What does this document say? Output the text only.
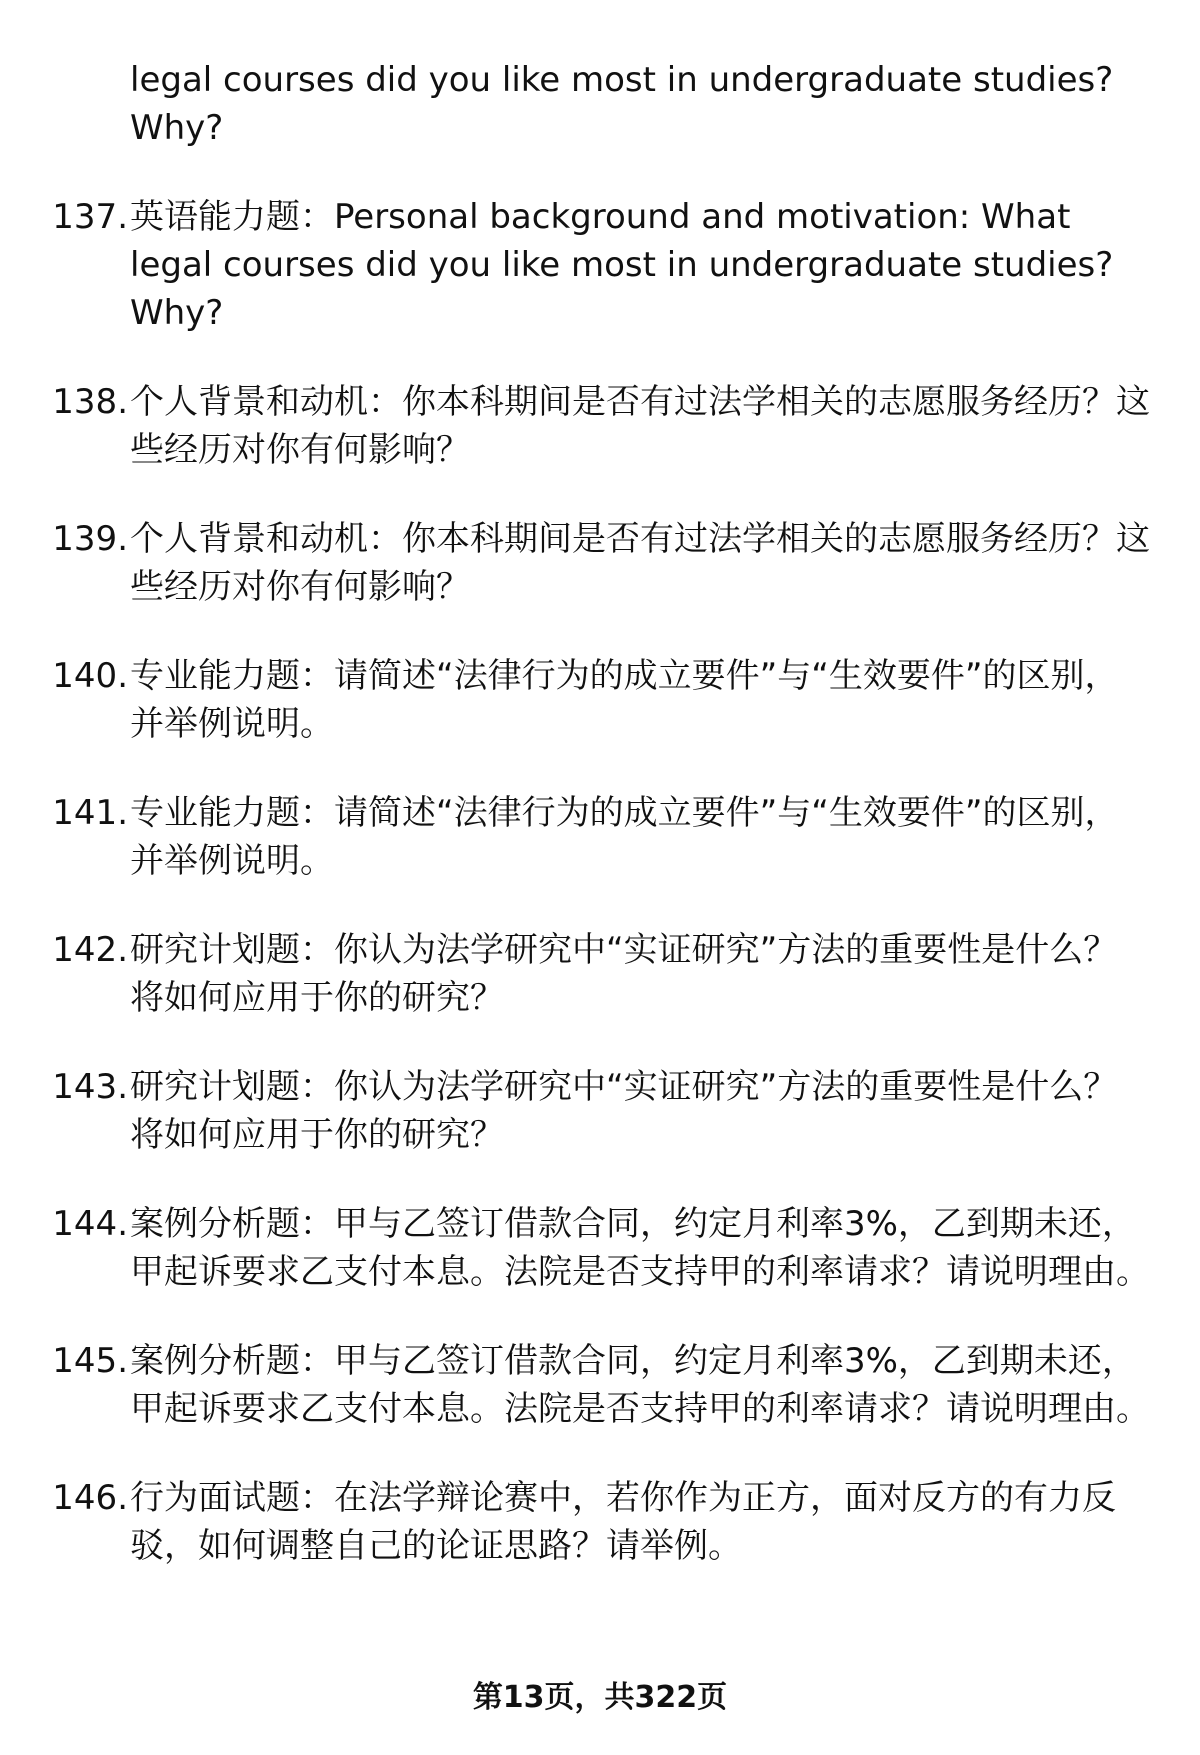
legal courses did you like most in undergraduate studies? Why?
137. 英语能力题：Personal background and motivation: What legal courses did you like most in undergraduate studies? Why?
138. 个人背景和动机：你本科期间是否有过法学相关的志愿服务经历？这些经历对你有何影响？
139. 个人背景和动机：你本科期间是否有过法学相关的志愿服务经历？这些经历对你有何影响？
140. 专业能力题：请简述“法律行为的成立要件”与“生效要件”的区别，并举例说明。
141. 专业能力题：请简述“法律行为的成立要件”与“生效要件”的区别，并举例说明。
142. 研究计划题：你认为法学研究中“实证研究”方法的重要性是什么？将如何应用于你的研究？
143. 研究计划题：你认为法学研究中“实证研究”方法的重要性是什么？将如何应用于你的研究？
144. 案例分析题：甲与乙签订借款合同，约定月利率3%，乙到期未还，甲起诉要求乙支付本息。法院是否支持甲的利率请求？请说明理由。
145. 案例分析题：甲与乙签订借款合同，约定月利率3%，乙到期未还，甲起诉要求乙支付本息。法院是否支持甲的利率请求？请说明理由。
146. 行为面试题：在法学辩论赛中，若你作为正方，面对反方的有力反驳，如何调整自己的论证思路？请举例。
第13页，共322页
